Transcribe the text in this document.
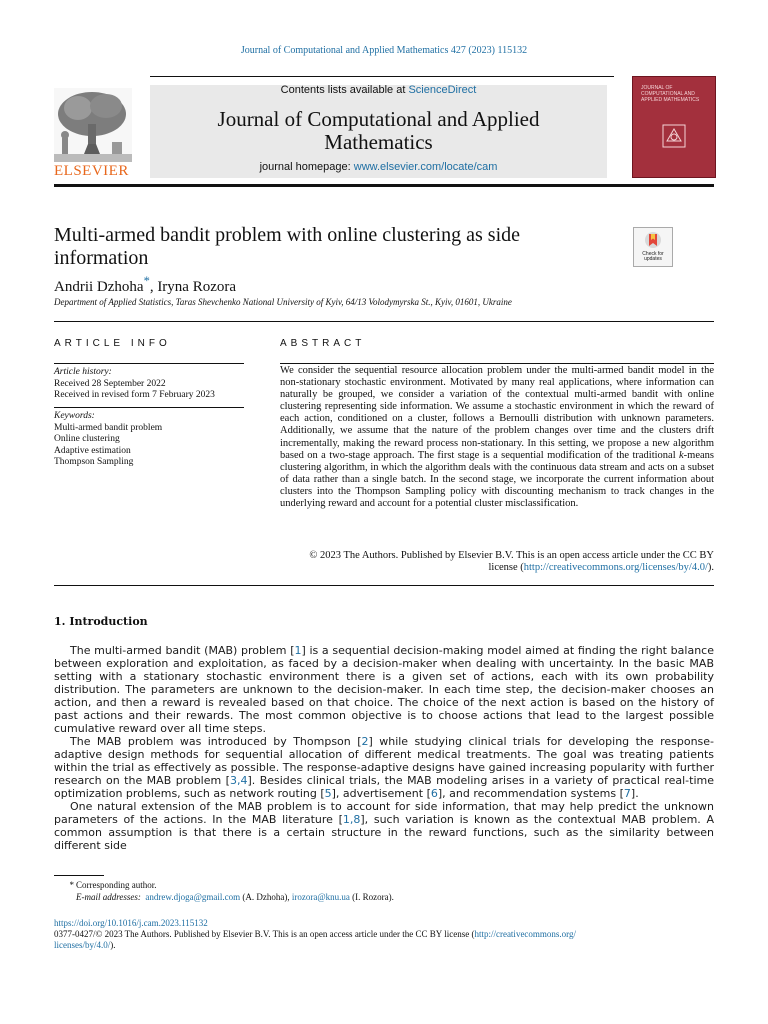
Journal of Computational and Applied Mathematics 427 (2023) 115132
ELSEVIER
Contents lists available at ScienceDirect
Journal of Computational and Applied
Mathematics
journal homepage: www.elsevier.com/locate/cam
JOURNAL OF COMPUTATIONAL AND APPLIED MATHEMATICS
Multi-armed bandit problem with online clustering as side
information	Check for
updates
Andrii Dzhoha*, Iryna Rozora
Department of Applied Statistics, Taras Shevchenko National University of Kyiv, 64/13 Volodymyrska St., Kyiv, 01601, Ukraine
ARTICLE INFO
Article history:
Received 28 September 2022
Received in revised form 7 February 2023
Keywords:
Multi-armed bandit problem
Online clustering
Adaptive estimation
Thompson Sampling
ABSTRACT
We consider the sequential resource allocation problem under the multi-armed bandit model in the non-stationary stochastic environment. Motivated by many real applications, where information can naturally be grouped, we consider a variation of the contextual multi-armed bandit with online clustering representing side information. We assume a stochastic environment in which the reward of each action, conditioned on a cluster, follows a Bernoulli distribution with unknown parameters. Additionally, we assume that the nature of the problem changes over time and the clusters drift incrementally, making the reward process non-stationary. In this setting, we propose a new algorithm based on a two-stage approach. The first stage is a sequential modification of the traditional k-means clustering algorithm, in which the algorithm deals with the continuous data stream and acts on a subset of data rather than a single batch. In the second stage, we incorporate the current information about clusters into the Thompson Sampling policy with discounting mechanism to track changes in the underlying reward and account for a potential cluster misclassification.
© 2023 The Authors. Published by Elsevier B.V. This is an open access article under the CC BY
license (http://creativecommons.org/licenses/by/4.0/).
1. Introduction

The multi-armed bandit (MAB) problem [1] is a sequential decision-making model aimed at finding the right balance between exploration and exploitation, as faced by a decision-maker when dealing with uncertainty. In the basic MAB setting with a stationary stochastic environment there is a given set of actions, each with its own probability distribution. The parameters are unknown to the decision-maker. In each time step, the decision-maker chooses an action, and then a reward is revealed based on that choice. The choice of the next action is based on the history of past actions and their rewards. The most common objective is to choose actions that lead to the largest possible cumulative reward over all time steps.

The MAB problem was introduced by Thompson [2] while studying clinical trials for developing the response-adaptive design methods for sequential allocation of different medical treatments. The goal was treating patients within the trial as effectively as possible. The response-adaptive designs have gained increasing popularity with further research on the MAB problem [3,4]. Besides clinical trials, the MAB modeling arises in a variety of practical real-time optimization problems, such as network routing [5], advertisement [6], and recommendation systems [7].

One natural extension of the MAB problem is to account for side information, that may help predict the unknown parameters of the actions. In the MAB literature [1,8], such variation is known as the contextual MAB problem. A common assumption is that there is a certain structure in the reward functions, such as the similarity between different side

* Corresponding author.
E-mail addresses: andrew.djoga@gmail.com (A. Dzhoha), irozora@knu.ua (I. Rozora).
https://doi.org/10.1016/j.cam.2023.115132
0377-0427/© 2023 The Authors. Published by Elsevier B.V. This is an open access article under the CC BY license (http://creativecommons.org/
licenses/by/4.0/).
